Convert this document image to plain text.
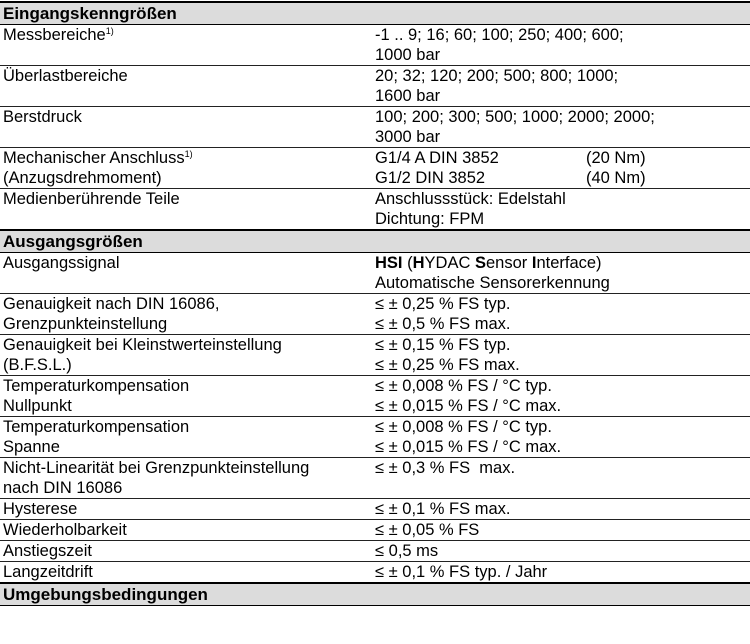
Eingangskenngrößen	
Messbereiche$^{1)}$	-1 .. 9; 16; 60; 100; 250; 400; 600;
1000 bar

Überlastbereiche	20; 32; 120; 200; 500; 800; 1000;
1600 bar

Berstdruck	100; 200; 300; 500; 1000; 2000; 2000;
3000 bar

Mechanischer Anschluss$^{1)}$
(Anzugsdrehmoment)	G1/4 A DIN 3852 (20 Nm)
G1/2 DIN 3852 (40 Nm)

Medienberührende Teile	Anschlussstück: Edelstahl
Dichtung: FPM

Ausgangsgrößen	
Ausgangssignal	HSI (HYDAC Sensor Interface)
Automatische Sensorerkennung

Genauigkeit nach DIN 16086,
Grenzpunkteinstellung	≤ ± 0,25 % FS typ.
≤ ± 0,5 % FS max.

Genauigkeit bei Kleinstwerteinstellung
(B.F.S.L.)	≤ ± 0,15 % FS typ.
≤ ± 0,25 % FS max.

Temperaturkompensation
Nullpunkt	≤ ± 0,008 % FS / °C typ.
≤ ± 0,015 % FS / °C max.

Temperaturkompensation
Spanne	≤ ± 0,008 % FS / °C typ.
≤ ± 0,015 % FS / °C max.

Nicht-Linearität bei Grenzpunkteinstellung
nach DIN 16086	≤ ± 0,3 % FS  max.
Hysterese	≤ ± 0,1 % FS max.
Wiederholbarkeit	≤ ± 0,05 % FS
Anstiegszeit	≤ 0,5 ms
Langzeitdrift	≤ ± 0,1 % FS typ. / Jahr
Umgebungsbedingungen	
